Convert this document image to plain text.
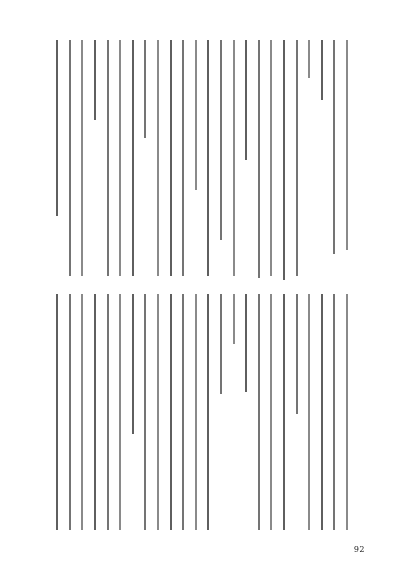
92
